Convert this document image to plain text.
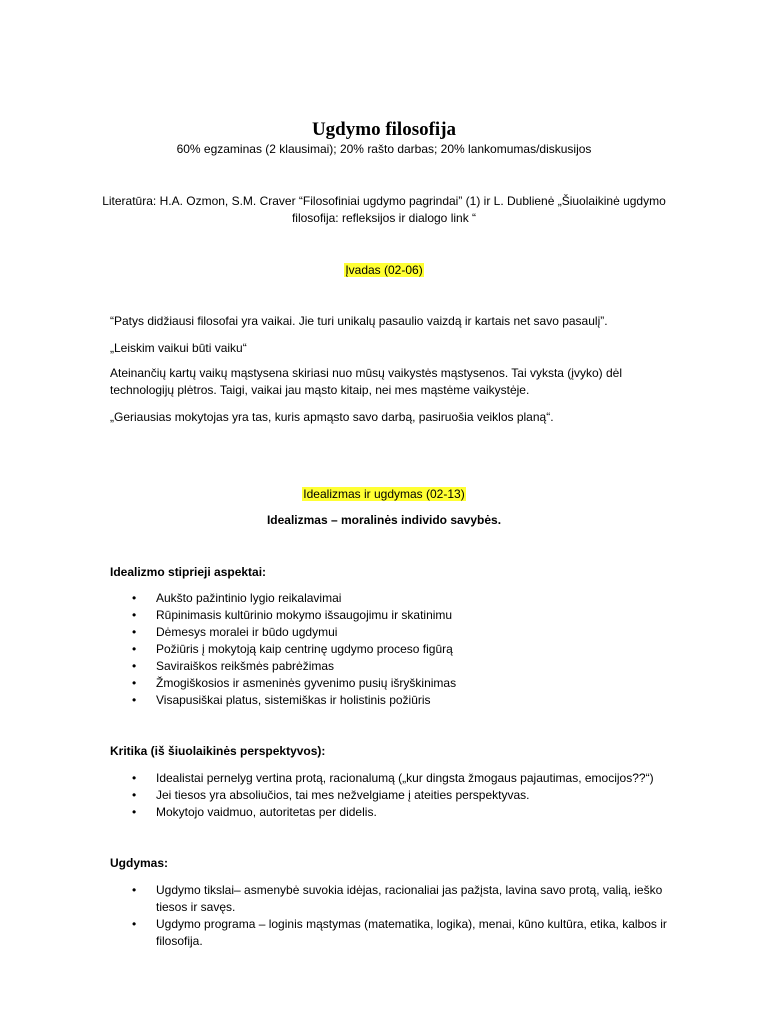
Ugdymo filosofija
60% egzaminas (2 klausimai); 20% rašto darbas; 20% lankomumas/diskusijos
Literatūra: H.A. Ozmon, S.M. Craver “Filosofiniai ugdymo pagrindai” (1) ir L. Dublienė „Šiuolaikinė ugdymo
filosofija: refleksijos ir dialogo link “
Įvadas (02-06)
“Patys didžiausi filosofai yra vaikai. Jie turi unikalų pasaulio vaizdą ir kartais net savo pasaulį”.
„Leiskim vaikui būti vaiku“
Ateinančių kartų vaikų mąstysena skiriasi nuo mūsų vaikystės mąstysenos. Tai vyksta (įvyko) dėl
technologijų plėtros. Taigi, vaikai jau mąsto kitaip, nei mes mąstėme vaikystėje.
„Geriausias mokytojas yra tas, kuris apmąsto savo darbą, pasiruošia veiklos planą“.
Idealizmas ir ugdymas (02-13)
Idealizmas – moralinės individo savybės.
Idealizmo stiprieji aspektai:
• Aukšto pažintinio lygio reikalavimai
• Rūpinimasis kultūrinio mokymo išsaugojimu ir skatinimu
• Dėmesys moralei ir būdo ugdymui
• Požiūris į mokytoją kaip centrinę ugdymo proceso figūrą
• Saviraiškos reikšmės pabrėžimas
• Žmogiškosios ir asmeninės gyvenimo pusių išryškinimas
• Visapusiškai platus, sistemiškas ir holistinis požiūris
Kritika (iš šiuolaikinės perspektyvos):
• Idealistai pernelyg vertina protą, racionalumą („kur dingsta žmogaus pajautimas, emocijos??“)
• Jei tiesos yra absoliučios, tai mes nežvelgiame į ateities perspektyvas.
• Mokytojo vaidmuo, autoritetas per didelis.
Ugdymas:
• Ugdymo tikslai– asmenybė suvokia idėjas, racionaliai jas pažįsta, lavina savo protą, valią, ieško
tiesos ir savęs.
• Ugdymo programa – loginis mąstymas (matematika, logika), menai, kūno kultūra, etika, kalbos ir
filosofija.
